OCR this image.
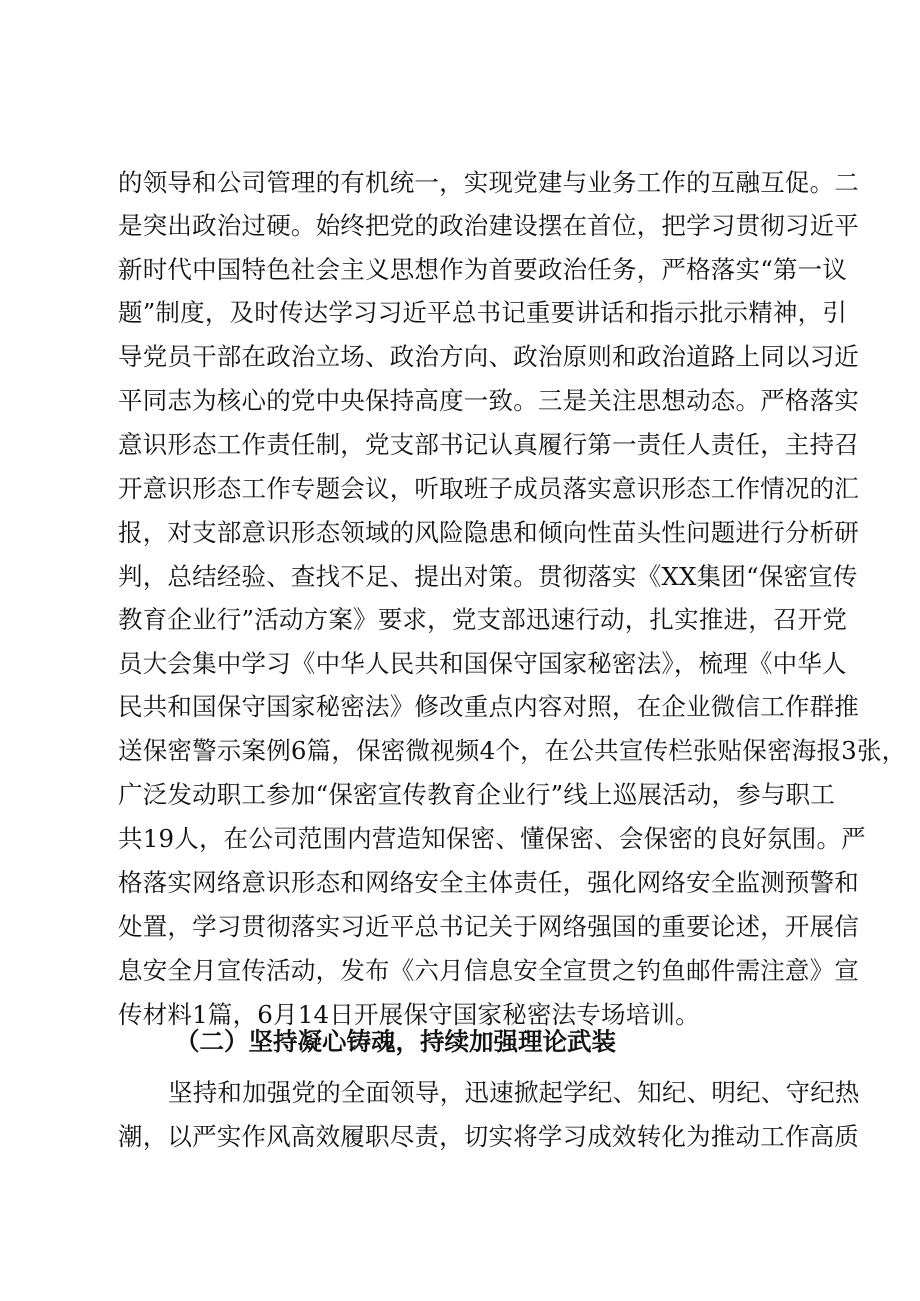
的领导和公司管理的有机统一，实现党建与业务工作的互融互促。二
是突出政治过硬。始终把党的政治建设摆在首位，把学习贯彻习近平
新时代中国特色社会主义思想作为首要政治任务，严格落实“第一议
题”制度，及时传达学习习近平总书记重要讲话和指示批示精神，引
导党员干部在政治立场、政治方向、政治原则和政治道路上同以习近
平同志为核心的党中央保持高度一致。三是关注思想动态。严格落实
意识形态工作责任制，党支部书记认真履行第一责任人责任，主持召
开意识形态工作专题会议，听取班子成员落实意识形态工作情况的汇
报，对支部意识形态领域的风险隐患和倾向性苗头性问题进行分析研
判，总结经验、查找不足、提出对策。贯彻落实《XX集团“保密宣传
教育企业行”活动方案》要求，党支部迅速行动，扎实推进，召开党
员大会集中学习《中华人民共和国保守国家秘密法》，梳理《中华人
民共和国保守国家秘密法》修改重点内容对照，在企业微信工作群推
送保密警示案例6篇，保密微视频4个，在公共宣传栏张贴保密海报3张，
广泛发动职工参加“保密宣传教育企业行”线上巡展活动，参与职工
共19人，在公司范围内营造知保密、懂保密、会保密的良好氛围。严
格落实网络意识形态和网络安全主体责任，强化网络安全监测预警和
处置，学习贯彻落实习近平总书记关于网络强国的重要论述，开展信
息安全月宣传活动，发布《六月信息安全宣贯之钓鱼邮件需注意》宣
传材料1篇，6月14日开展保守国家秘密法专场培训。
（二）坚持凝心铸魂，持续加强理论武装
坚持和加强党的全面领导，迅速掀起学纪、知纪、明纪、守纪热
潮，以严实作风高效履职尽责，切实将学习成效转化为推动工作高质
